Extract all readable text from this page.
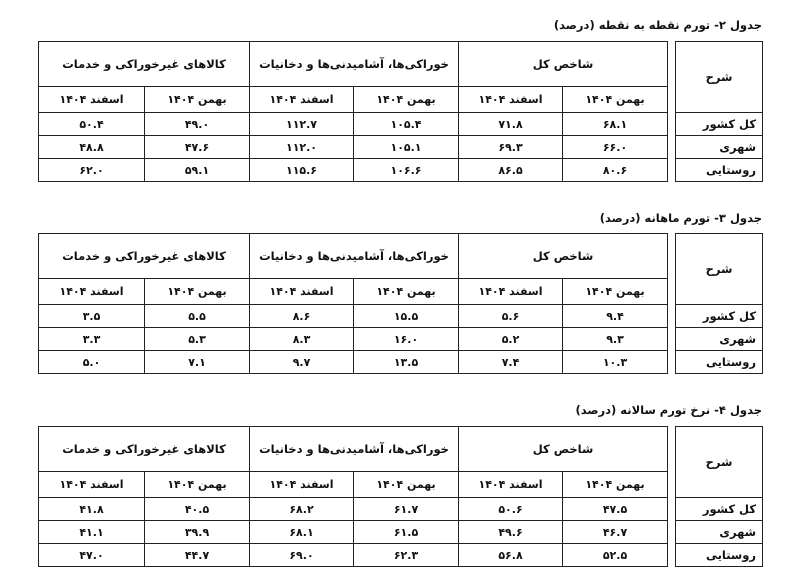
جدول ۲- تورم نقطه به نقطه (درصد)
شرح		شاخص کل		خوراکی‌ها، آشامیدنی‌ها و دخانیات		کالاهای غیرخوراکی و خدمات	
		بهمن ۱۴۰۴	اسفند ۱۴۰۴	بهمن ۱۴۰۴	اسفند ۱۴۰۴	بهمن ۱۴۰۴	اسفند ۱۴۰۴
کل کشور		۶۸.۱	۷۱.۸	۱۰۵.۴	۱۱۲.۷	۴۹.۰	۵۰.۴
شهری		۶۶.۰	۶۹.۳	۱۰۵.۱	۱۱۲.۰	۴۷.۶	۴۸.۸
روستایی		۸۰.۶	۸۶.۵	۱۰۶.۶	۱۱۵.۶	۵۹.۱	۶۲.۰
جدول ۳- تورم ماهانه (درصد)
شرح		شاخص کل		خوراکی‌ها، آشامیدنی‌ها و دخانیات		کالاهای غیرخوراکی و خدمات	
		بهمن ۱۴۰۴	اسفند ۱۴۰۴	بهمن ۱۴۰۴	اسفند ۱۴۰۴	بهمن ۱۴۰۴	اسفند ۱۴۰۴
کل کشور		۹.۴	۵.۶	۱۵.۵	۸.۶	۵.۵	۳.۵
شهری		۹.۳	۵.۲	۱۶.۰	۸.۳	۵.۳	۳.۳
روستایی		۱۰.۳	۷.۴	۱۳.۵	۹.۷	۷.۱	۵.۰
جدول ۴- نرخ تورم سالانه (درصد)
شرح		شاخص کل		خوراکی‌ها، آشامیدنی‌ها و دخانیات		کالاهای غیرخوراکی و خدمات	
		بهمن ۱۴۰۴	اسفند ۱۴۰۴	بهمن ۱۴۰۴	اسفند ۱۴۰۴	بهمن ۱۴۰۴	اسفند ۱۴۰۴
کل کشور		۴۷.۵	۵۰.۶	۶۱.۷	۶۸.۲	۴۰.۵	۴۱.۸
شهری		۴۶.۷	۴۹.۶	۶۱.۵	۶۸.۱	۳۹.۹	۴۱.۱
روستایی		۵۲.۵	۵۶.۸	۶۲.۳	۶۹.۰	۴۴.۷	۴۷.۰
